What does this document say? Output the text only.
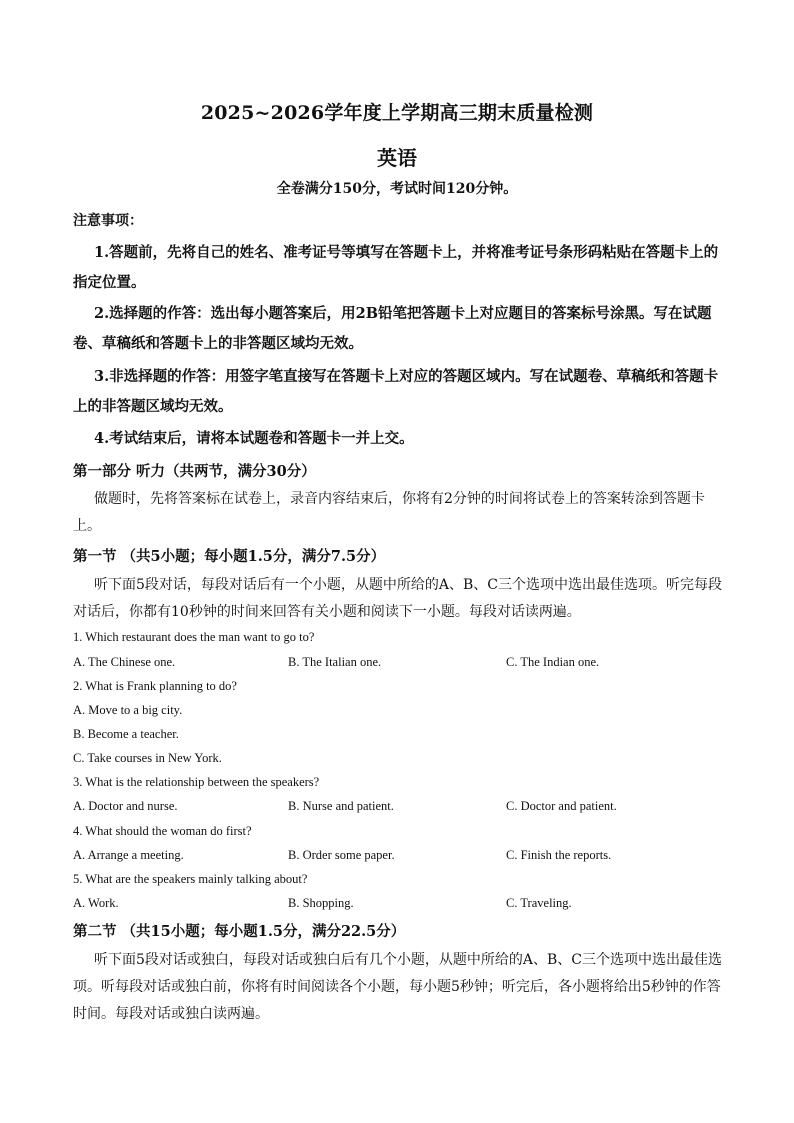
2025~2026学年度上学期高三期末质量检测
英语
全卷满分150分，考试时间120分钟。
注意事项：
1.答题前，先将自己的姓名、准考证号等填写在答题卡上，并将准考证号条形码粘贴在答题卡上的指定位置。
2.选择题的作答：选出每小题答案后，用2B铅笔把答题卡上对应题目的答案标号涂黑。写在试题卷、草稿纸和答题卡上的非答题区域均无效。
3.非选择题的作答：用签字笔直接写在答题卡上对应的答题区域内。写在试题卷、草稿纸和答题卡上的非答题区域均无效。
4.考试结束后，请将本试题卷和答题卡一并上交。
第一部分 听力（共两节，满分30分）
做题时，先将答案标在试卷上，录音内容结束后，你将有2分钟的时间将试卷上的答案转涂到答题卡上。
第一节 （共5小题；每小题1.5分，满分7.5分）
听下面5段对话，每段对话后有一个小题，从题中所给的A、B、C三个选项中选出最佳选项。听完每段对话后，你都有10秒钟的时间来回答有关小题和阅读下一小题。每段对话读两遍。
1. Which restaurant does the man want to go to?
A. The Chinese one.	B. The Italian one.	C. The Indian one.
2. What is Frank planning to do?
A. Move to a big city.
B. Become a teacher.
C. Take courses in New York.
3. What is the relationship between the speakers?
A. Doctor and nurse.	B. Nurse and patient.	C. Doctor and patient.
4. What should the woman do first?
A. Arrange a meeting.	B. Order some paper.	C. Finish the reports.
5. What are the speakers mainly talking about?
A. Work.	B. Shopping.	C. Traveling.
第二节 （共15小题；每小题1.5分，满分22.5分）
听下面5段对话或独白，每段对话或独白后有几个小题，从题中所给的A、B、C三个选项中选出最佳选项。听每段对话或独白前，你将有时间阅读各个小题，每小题5秒钟；听完后，各小题将给出5秒钟的作答时间。每段对话或独白读两遍。
